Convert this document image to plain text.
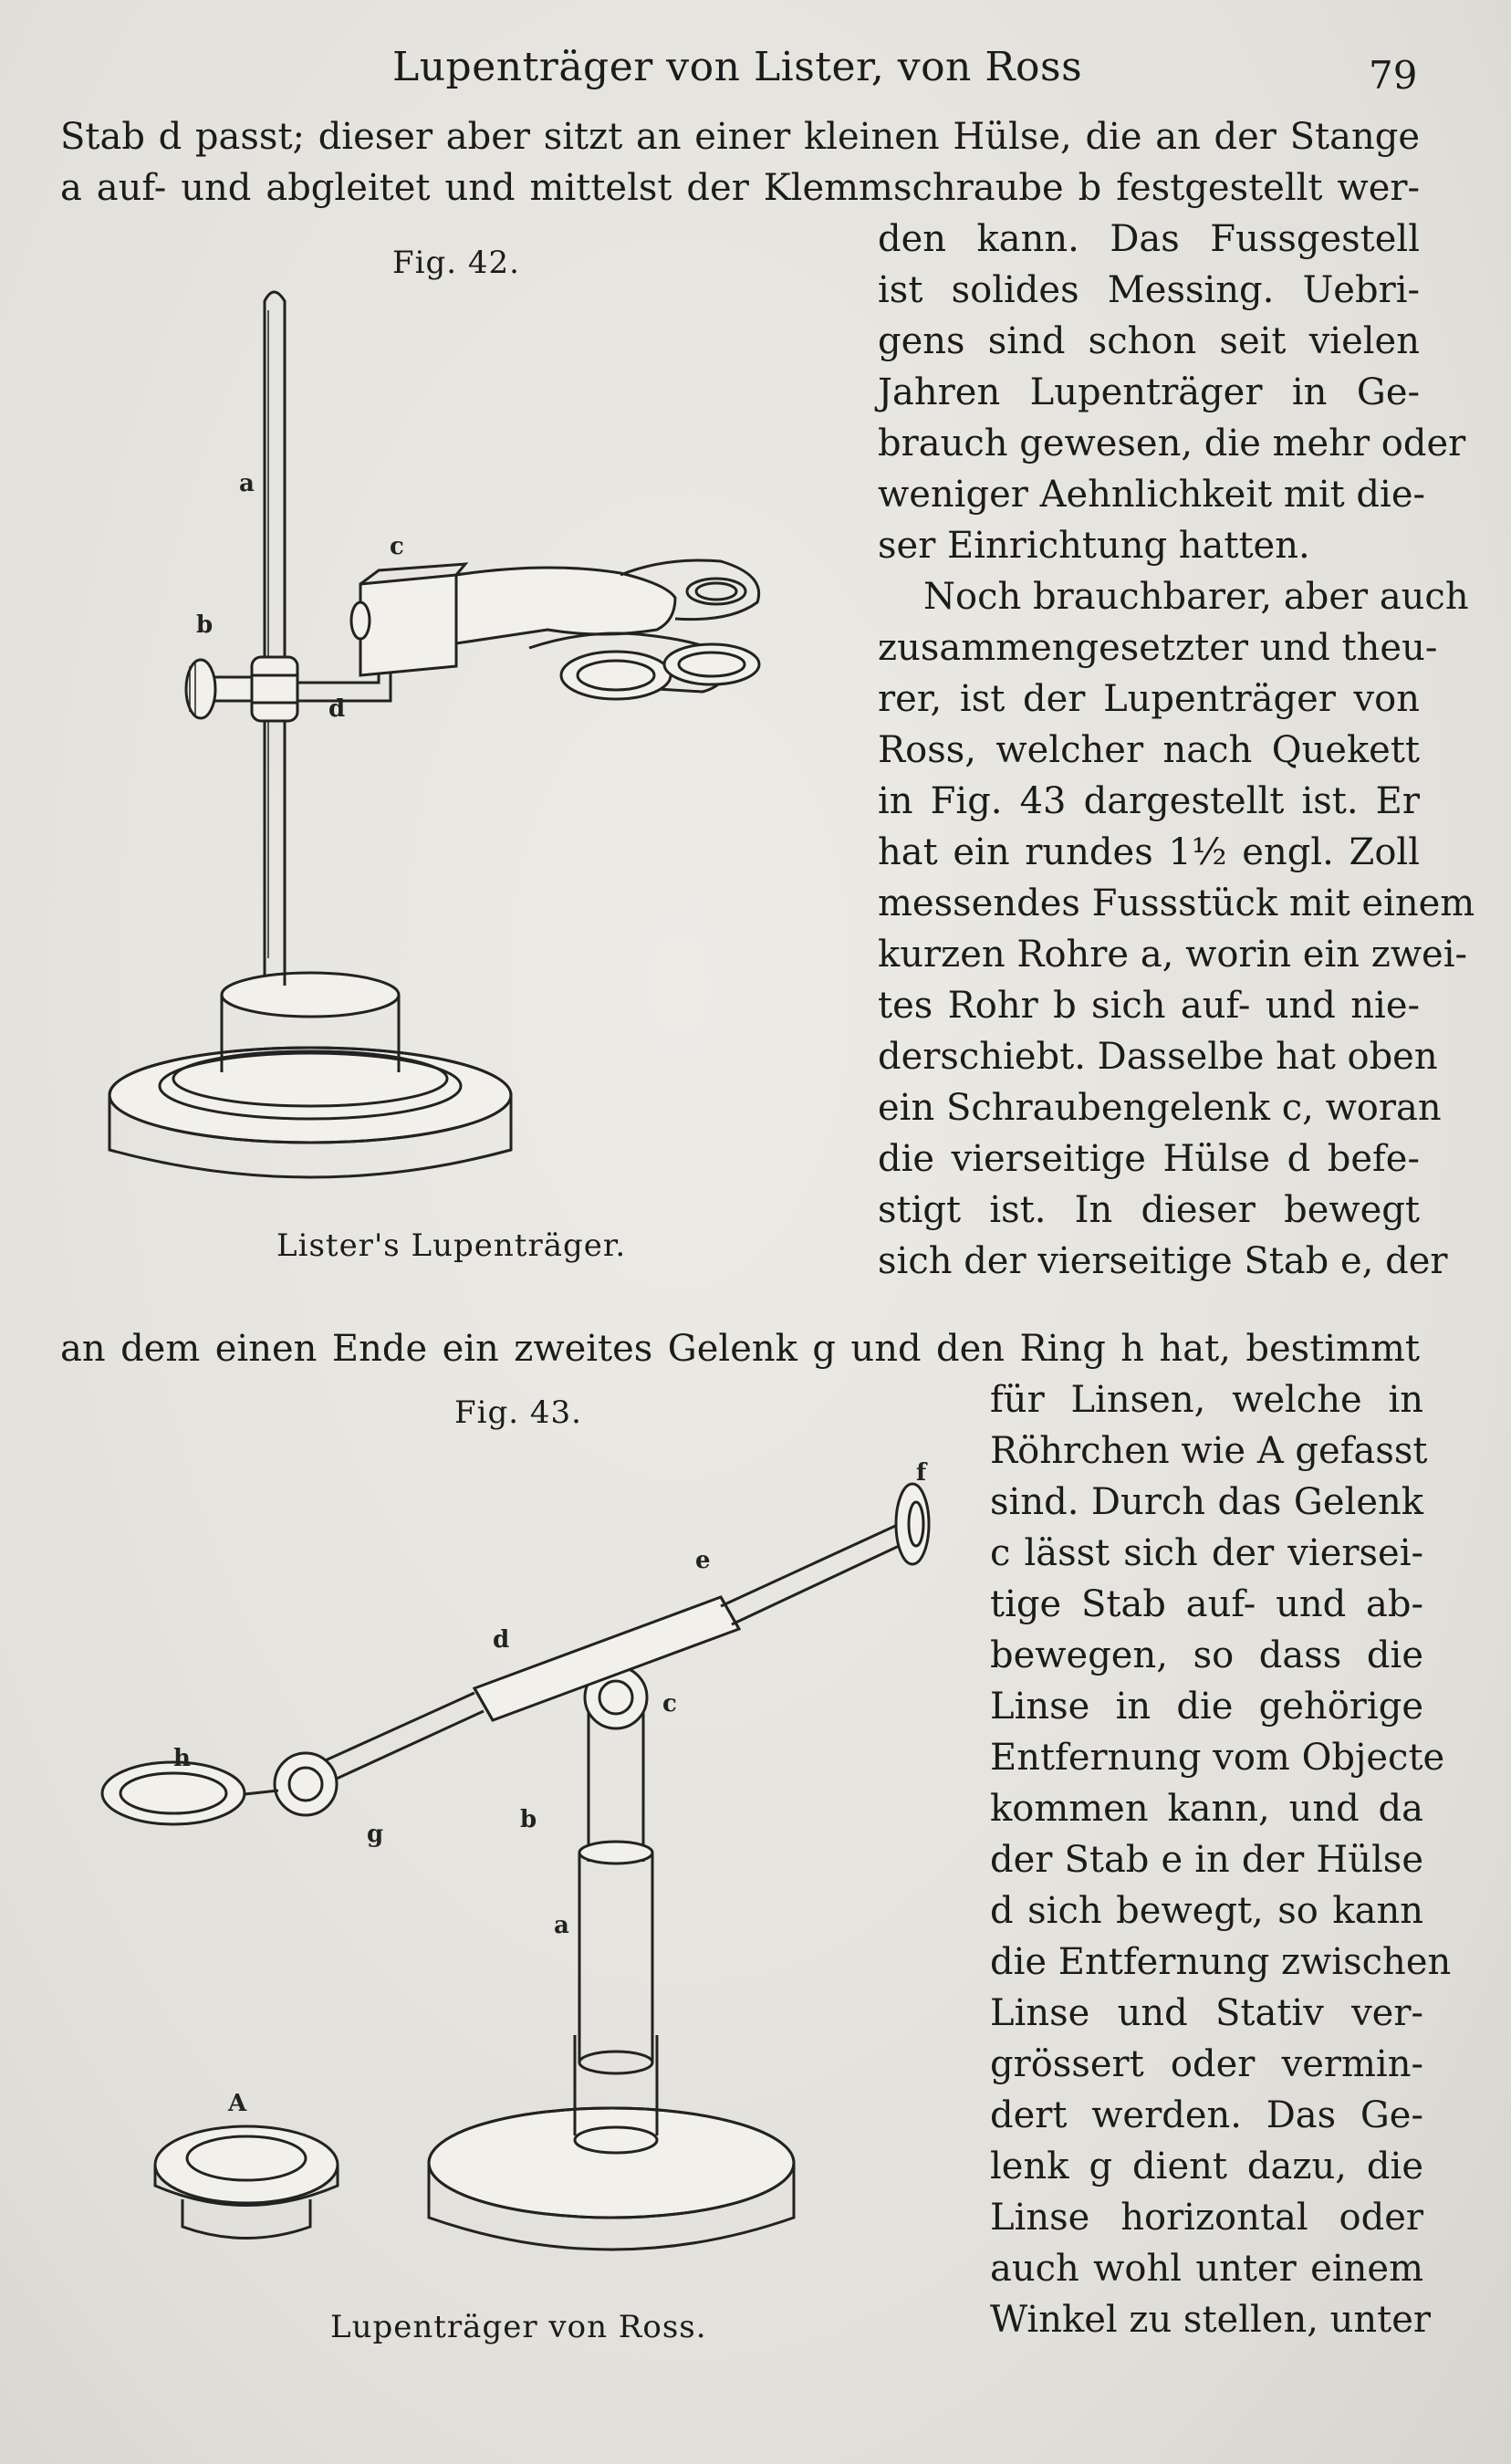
Lupenträger von Lister, von Ross	79
Stab d passt; dieser aber sitzt an einer kleinen Hülse, die an der Stange
a auf- und abgleitet und mittelst der Klemmschraube b festgestellt wer-
den kann. Das Fussgestell
ist solides Messing. Uebri-
gens sind schon seit vielen
Jahren Lupenträger in Ge-
brauch gewesen, die mehr oder
weniger Aehnlichkeit mit die-
ser Einrichtung hatten.
Noch brauchbarer, aber auch
zusammengesetzter und theu-
rer, ist der Lupenträger von
Ross, welcher nach Quekett
in Fig. 43 dargestellt ist. Er
hat ein rundes 1½ engl. Zoll
messendes Fussstück mit einem
kurzen Rohre a, worin ein zwei-
tes Rohr b sich auf- und nie-
derschiebt. Dasselbe hat oben
ein Schraubengelenk c, woran
die vierseitige Hülse d befe-
stigt ist. In dieser bewegt
sich der vierseitige Stab e, der
an dem einen Ende ein zweites Gelenk g und den Ring h hat, bestimmt
für Linsen, welche in
Röhrchen wie A gefasst
sind. Durch das Gelenk
c lässt sich der viersei-
tige Stab auf- und ab-
bewegen, so dass die
Linse in die gehörige
Entfernung vom Objecte
kommen kann, und da
der Stab e in der Hülse
d sich bewegt, so kann
die Entfernung zwischen
Linse und Stativ ver-
grössert oder vermin-
dert werden. Das Ge-
lenk g dient dazu, die
Linse horizontal oder
auch wohl unter einem
Winkel zu stellen, unter
Fig. 42.
a
b
c
d
Lister's Lupenträger.
Fig. 43.
f
e
d
c
h
g
b
a
A
Lupenträger von Ross.
